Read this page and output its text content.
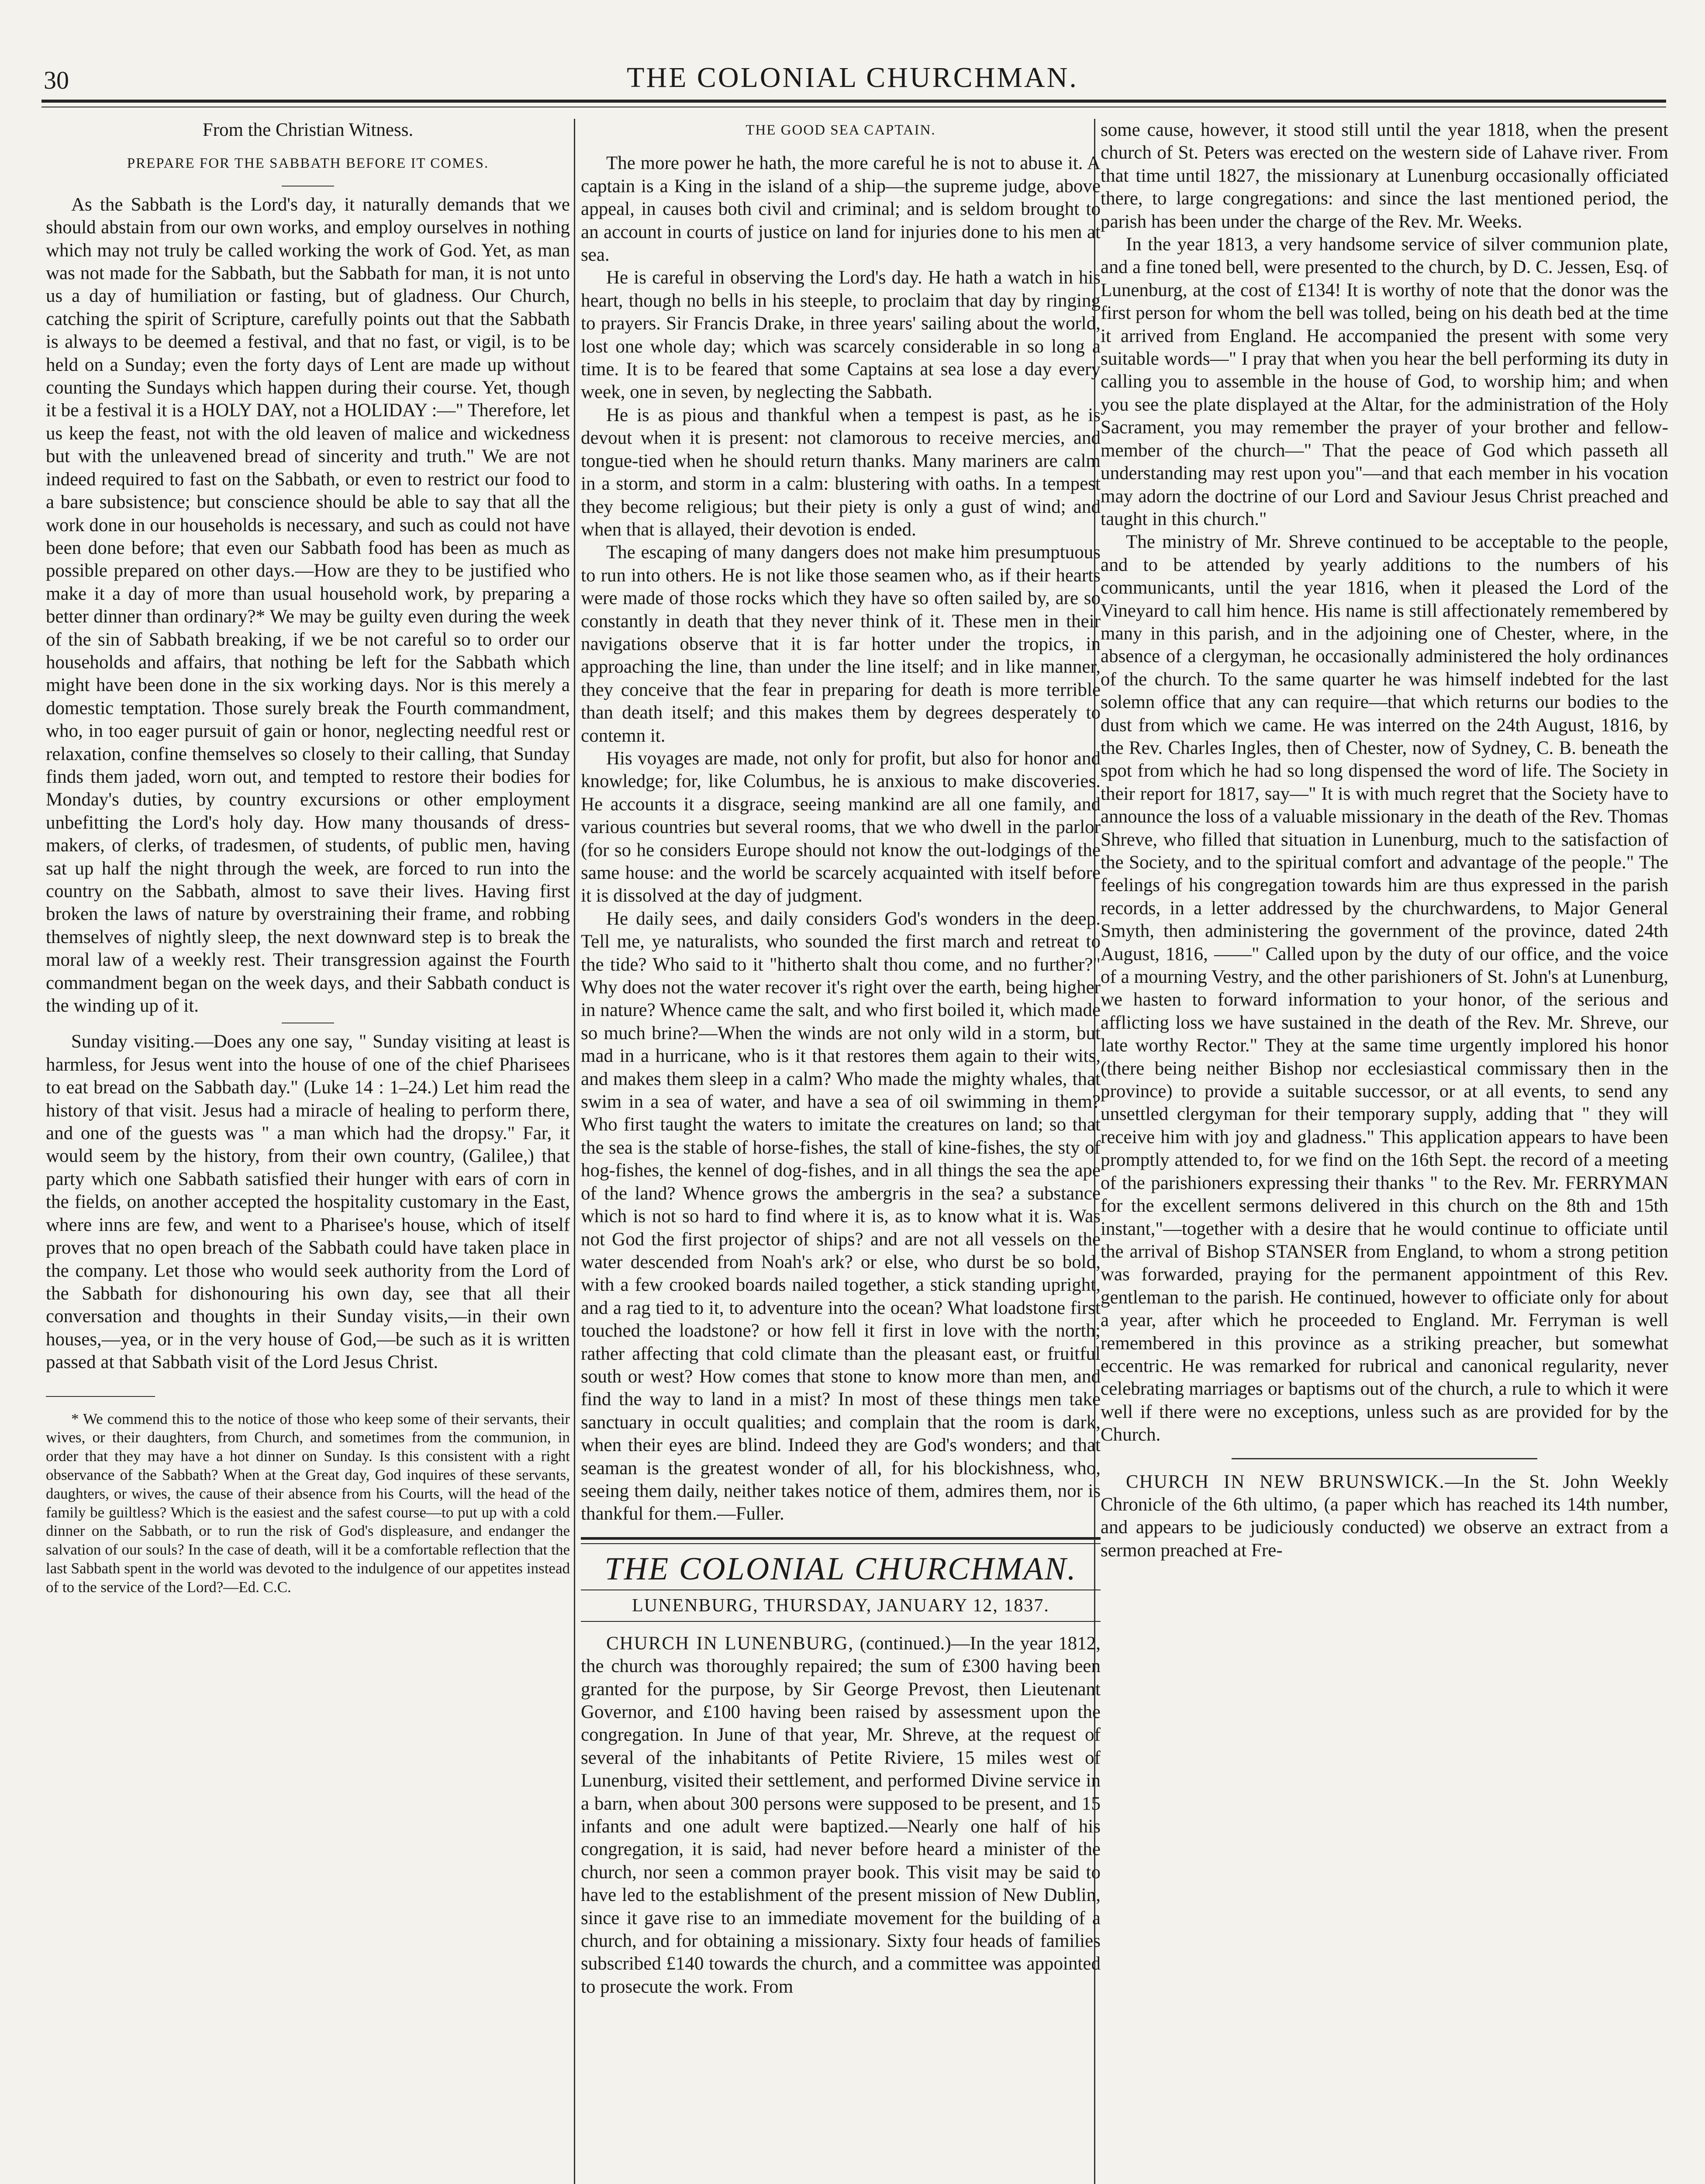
30	THE COLONIAL CHURCHMAN.

From the Christian Witness.

PREPARE FOR THE SABBATH BEFORE IT COMES.

As the Sabbath is the Lord's day, it naturally demands that we should abstain from our own works, and employ ourselves in nothing which may not truly be called working the work of God. Yet, as man was not made for the Sabbath, but the Sabbath for man, it is not unto us a day of humiliation or fasting, but of gladness. Our Church, catching the spirit of Scripture, carefully points out that the Sabbath is always to be deemed a festival, and that no fast, or vigil, is to be held on a Sunday; even the forty days of Lent are made up without counting the Sundays which happen during their course. Yet, though it be a festival it is a HOLY DAY, not a HOLIDAY :—" Therefore, let us keep the feast, not with the old leaven of malice and wickedness but with the unleavened bread of sincerity and truth." We are not indeed required to fast on the Sabbath, or even to restrict our food to a bare subsistence; but conscience should be able to say that all the work done in our households is necessary, and such as could not have been done before; that even our Sabbath food has been as much as possible prepared on other days.—How are they to be justified who make it a day of more than usual household work, by preparing a better dinner than ordinary?* We may be guilty even during the week of the sin of Sabbath breaking, if we be not careful so to order our households and affairs, that nothing be left for the Sabbath which might have been done in the six working days. Nor is this merely a domestic temptation. Those surely break the Fourth commandment, who, in too eager pursuit of gain or honor, neglecting needful rest or relaxation, confine themselves so closely to their calling, that Sunday finds them jaded, worn out, and tempted to restore their bodies for Monday's duties, by country excursions or other employment unbefitting the Lord's holy day. How many thousands of dress-makers, of clerks, of tradesmen, of students, of public men, having sat up half the night through the week, are forced to run into the country on the Sabbath, almost to save their lives. Having first broken the laws of nature by overstraining their frame, and robbing themselves of nightly sleep, the next downward step is to break the moral law of a weekly rest. Their transgression against the Fourth commandment began on the week days, and their Sabbath conduct is the winding up of it.

Sunday visiting.—Does any one say, " Sunday visiting at least is harmless, for Jesus went into the house of one of the chief Pharisees to eat bread on the Sabbath day." (Luke 14 : 1–24.) Let him read the history of that visit. Jesus had a miracle of healing to perform there, and one of the guests was " a man which had the dropsy." Far, it would seem by the history, from their own country, (Galilee,) that party which one Sabbath satisfied their hunger with ears of corn in the fields, on another accepted the hospitality customary in the East, where inns are few, and went to a Pharisee's house, which of itself proves that no open breach of the Sabbath could have taken place in the company. Let those who would seek authority from the Lord of the Sabbath for dishonouring his own day, see that all their conversation and thoughts in their Sunday visits,—in their own houses,—yea, or in the very house of God,—be such as it is written passed at that Sabbath visit of the Lord Jesus Christ.

* We commend this to the notice of those who keep some of their servants, their wives, or their daughters, from Church, and sometimes from the communion, in order that they may have a hot dinner on Sunday. Is this consistent with a right observance of the Sabbath? When at the Great day, God inquires of these servants, daughters, or wives, the cause of their absence from his Courts, will the head of the family be guiltless? Which is the easiest and the safest course—to put up with a cold dinner on the Sabbath, or to run the risk of God's displeasure, and endanger the salvation of our souls? In the case of death, will it be a comfortable reflection that the last Sabbath spent in the world was devoted to the indulgence of our appetites instead of to the service of the Lord?—Ed. C.C.

THE GOOD SEA CAPTAIN.

The more power he hath, the more careful he is not to abuse it. A captain is a King in the island of a ship—the supreme judge, above appeal, in causes both civil and criminal; and is seldom brought to an account in courts of justice on land for injuries done to his men at sea.

He is careful in observing the Lord's day. He hath a watch in his heart, though no bells in his steeple, to proclaim that day by ringing to prayers. Sir Francis Drake, in three years' sailing about the world, lost one whole day; which was scarcely considerable in so long a time. It is to be feared that some Captains at sea lose a day every week, one in seven, by neglecting the Sabbath.

He is as pious and thankful when a tempest is past, as he is devout when it is present: not clamorous to receive mercies, and tongue-tied when he should return thanks. Many mariners are calm in a storm, and storm in a calm: blustering with oaths. In a tempest they become religious; but their piety is only a gust of wind; and when that is allayed, their devotion is ended.

The escaping of many dangers does not make him presumptuous to run into others. He is not like those seamen who, as if their hearts were made of those rocks which they have so often sailed by, are so constantly in death that they never think of it. These men in their navigations observe that it is far hotter under the tropics, in approaching the line, than under the line itself; and in like manner, they conceive that the fear in preparing for death is more terrible than death itself; and this makes them by degrees desperately to contemn it.

His voyages are made, not only for profit, but also for honor and knowledge; for, like Columbus, he is anxious to make discoveries. He accounts it a disgrace, seeing mankind are all one family, and various countries but several rooms, that we who dwell in the parlor (for so he considers Europe should not know the out-lodgings of the same house: and the world be scarcely acquainted with itself before it is dissolved at the day of judgment.

He daily sees, and daily considers God's wonders in the deep. Tell me, ye naturalists, who sounded the first march and retreat to the tide? Who said to it "hitherto shalt thou come, and no further?" Why does not the water recover it's right over the earth, being higher in nature? Whence came the salt, and who first boiled it, which made so much brine?—When the winds are not only wild in a storm, but mad in a hurricane, who is it that restores them again to their wits, and makes them sleep in a calm? Who made the mighty whales, that swim in a sea of water, and have a sea of oil swimming in them? Who first taught the waters to imitate the creatures on land; so that the sea is the stable of horse-fishes, the stall of kine-fishes, the sty of hog-fishes, the kennel of dog-fishes, and in all things the sea the ape of the land? Whence grows the ambergris in the sea? a substance which is not so hard to find where it is, as to know what it is. Was not God the first projector of ships? and are not all vessels on the water descended from Noah's ark? or else, who durst be so bold, with a few crooked boards nailed together, a stick standing upright, and a rag tied to it, to adventure into the ocean? What loadstone first touched the loadstone? or how fell it first in love with the north; rather affecting that cold climate than the pleasant east, or fruitful south or west? How comes that stone to know more than men, and find the way to land in a mist? In most of these things men take sanctuary in occult qualities; and complain that the room is dark, when their eyes are blind. Indeed they are God's wonders; and that seaman is the greatest wonder of all, for his blockishness, who, seeing them daily, neither takes notice of them, admires them, nor is thankful for them.—Fuller.

THE COLONIAL CHURCHMAN.
LUNENBURG, THURSDAY, JANUARY 12, 1837.

CHURCH IN LUNENBURG, (continued.)—In the year 1812, the church was thoroughly repaired; the sum of £300 having been granted for the purpose, by Sir George Prevost, then Lieutenant Governor, and £100 having been raised by assessment upon the congregation. In June of that year, Mr. Shreve, at the request of several of the inhabitants of Petite Riviere, 15 miles west of Lunenburg, visited their settlement, and performed Divine service in a barn, when about 300 persons were supposed to be present, and 15 infants and one adult were baptized.—Nearly one half of his congregation, it is said, had never before heard a minister of the church, nor seen a common prayer book. This visit may be said to have led to the establishment of the present mission of New Dublin, since it gave rise to an immediate movement for the building of a church, and for obtaining a missionary. Sixty four heads of families subscribed £140 towards the church, and a committee was appointed to prosecute the work. From

some cause, however, it stood still until the year 1818, when the present church of St. Peters was erected on the western side of Lahave river. From that time until 1827, the missionary at Lunenburg occasionally officiated there, to large congregations: and since the last mentioned period, the parish has been under the charge of the Rev. Mr. Weeks.

In the year 1813, a very handsome service of silver communion plate, and a fine toned bell, were presented to the church, by D. C. Jessen, Esq. of Lunenburg, at the cost of £134! It is worthy of note that the donor was the first person for whom the bell was tolled, being on his death bed at the time it arrived from England. He accompanied the present with some very suitable words—" I pray that when you hear the bell performing its duty in calling you to assemble in the house of God, to worship him; and when you see the plate displayed at the Altar, for the administration of the Holy Sacrament, you may remember the prayer of your brother and fellow-member of the church—" That the peace of God which passeth all understanding may rest upon you"—and that each member in his vocation may adorn the doctrine of our Lord and Saviour Jesus Christ preached and taught in this church."

The ministry of Mr. Shreve continued to be acceptable to the people, and to be attended by yearly additions to the numbers of his communicants, until the year 1816, when it pleased the Lord of the Vineyard to call him hence. His name is still affectionately remembered by many in this parish, and in the adjoining one of Chester, where, in the absence of a clergyman, he occasionally administered the holy ordinances of the church. To the same quarter he was himself indebted for the last solemn office that any can require—that which returns our bodies to the dust from which we came. He was interred on the 24th August, 1816, by the Rev. Charles Ingles, then of Chester, now of Sydney, C. B. beneath the spot from which he had so long dispensed the word of life. The Society in their report for 1817, say—" It is with much regret that the Society have to announce the loss of a valuable missionary in the death of the Rev. Thomas Shreve, who filled that situation in Lunenburg, much to the satisfaction of the Society, and to the spiritual comfort and advantage of the people." The feelings of his congregation towards him are thus expressed in the parish records, in a letter addressed by the churchwardens, to Major General Smyth, then administering the government of the province, dated 24th August, 1816, ——" Called upon by the duty of our office, and the voice of a mourning Vestry, and the other parishioners of St. John's at Lunenburg, we hasten to forward information to your honor, of the serious and afflicting loss we have sustained in the death of the Rev. Mr. Shreve, our late worthy Rector." They at the same time urgently implored his honor (there being neither Bishop nor ecclesiastical commissary then in the province) to provide a suitable successor, or at all events, to send any unsettled clergyman for their temporary supply, adding that " they will receive him with joy and gladness." This application appears to have been promptly attended to, for we find on the 16th Sept. the record of a meeting of the parishioners expressing their thanks " to the Rev. Mr. FERRYMAN for the excellent sermons delivered in this church on the 8th and 15th instant,"—together with a desire that he would continue to officiate until the arrival of Bishop STANSER from England, to whom a strong petition was forwarded, praying for the permanent appointment of this Rev. gentleman to the parish. He continued, however to officiate only for about a year, after which he proceeded to England. Mr. Ferryman is well remembered in this province as a striking preacher, but somewhat eccentric. He was remarked for rubrical and canonical regularity, never celebrating marriages or baptisms out of the church, a rule to which it were well if there were no exceptions, unless such as are provided for by the Church.

CHURCH IN NEW BRUNSWICK.—In the St. John Weekly Chronicle of the 6th ultimo, (a paper which has reached its 14th number, and appears to be judiciously conducted) we observe an extract from a sermon preached at Fre-
